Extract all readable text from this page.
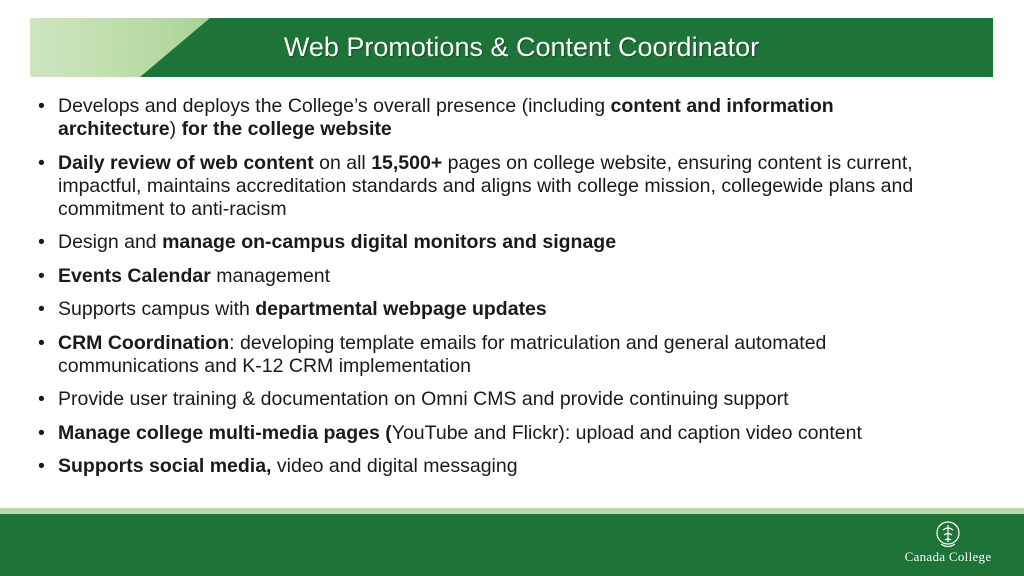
Web Promotions & Content Coordinator
• Develops and deploys the College’s overall presence (including content and information architecture) for the college website
• Daily review of web content on all 15,500+ pages on college website, ensuring content is current, impactful, maintains accreditation standards and aligns with college mission, collegewide plans and commitment to anti-racism
• Design and manage on-campus digital monitors and signage
• Events Calendar management
• Supports campus with departmental webpage updates
• CRM Coordination: developing template emails for matriculation and general automated communications and K-12 CRM implementation
• Provide user training & documentation on Omni CMS and provide continuing support
• Manage college multi-media pages (YouTube and Flickr): upload and caption video content
• Supports social media, video and digital messaging
Canada College
